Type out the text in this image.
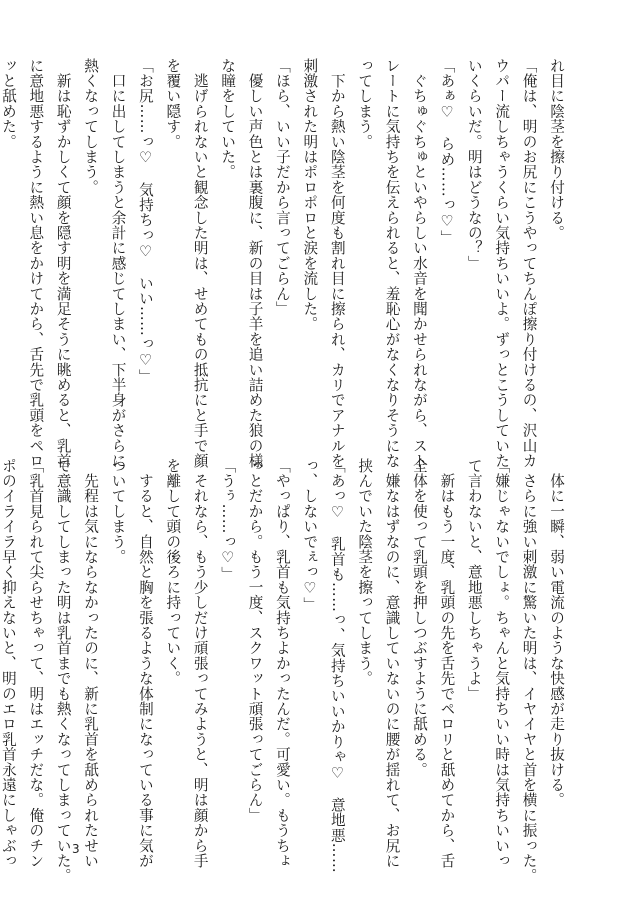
れ目に陰茎を擦り付ける。
「俺は、明のお尻にこうやってちんぽ擦り付けるの、沢山カ
ウパー流しちゃうくらい気持ちいいよ。ずっとこうしていた
いくらいだ。明はどうなの？」
「あぁ♡　らめ……っ♡」
　ぐちゅぐちゅといやらしい水音を聞かせられながら、スト
レートに気持ちを伝えられると、羞恥心がなくなりそうにな
ってしまう。
　下から熱い陰茎を何度も割れ目に擦られ、カリでアナルを
刺激された明はポロポロと涙を流した。
「ほら、いい子だから言ってごらん」
　優しい声色とは裏腹に、新の目は子羊を追い詰めた狼の様
な瞳をしていた。
　逃げられないと観念した明は、せめてもの抵抗にと手で顔
を覆い隠す。
「お尻……っ♡　気持ちっ♡　いい……っ♡」
　口に出してしまうと余計に感じてしまい、下半身がさらに
熱くなってしまう。
　新は恥ずかしくて顔を隠す明を満足そうに眺めると、乳首
に意地悪するように熱い息をかけてから、舌先で乳頭をペロ
ッと舐めた。
　体に一瞬、弱い電流のような快感が走り抜ける。
　さらに強い刺激に驚いた明は、イヤイヤと首を横に振った。
「嫌じゃないでしょ。ちゃんと気持ちいい時は気持ちいいっ
て言わないと、意地悪しちゃうよ」
　新はもう一度、乳頭の先を舌先でペロリと舐めてから、舌
全体を使って乳頭を押しつぶすように舐める。
　嫌なはずなのに、意識していないのに腰が揺れて、お尻に
挟んでいた陰茎を擦ってしまう。
「あっ♡　乳首も……っ、気持ちいいかりゃ♡　意地悪……
っ、しないでぇっ♡」
「やっぱり、乳首も気持ちよかったんだ。可愛い。もうちょ
っとだから。もう一度、スクワット頑張ってごらん」
「うぅ……っ♡」
　それなら、もう少しだけ頑張ってみようと、明は顔から手
を離して頭の後ろに持っていく。
　すると、自然と胸を張るような体制になっている事に気が
ついてしまう。
　先程は気にならなかったのに、新に乳首を舐められたせい
で意識してしまった明は乳首までも熱くなってしまっていた。
「乳首見られて尖らせちゃって、明はエッチだな。俺のチン
ポのイライラ早く抑えないと、明のエロ乳首永遠にしゃぶっ	3
